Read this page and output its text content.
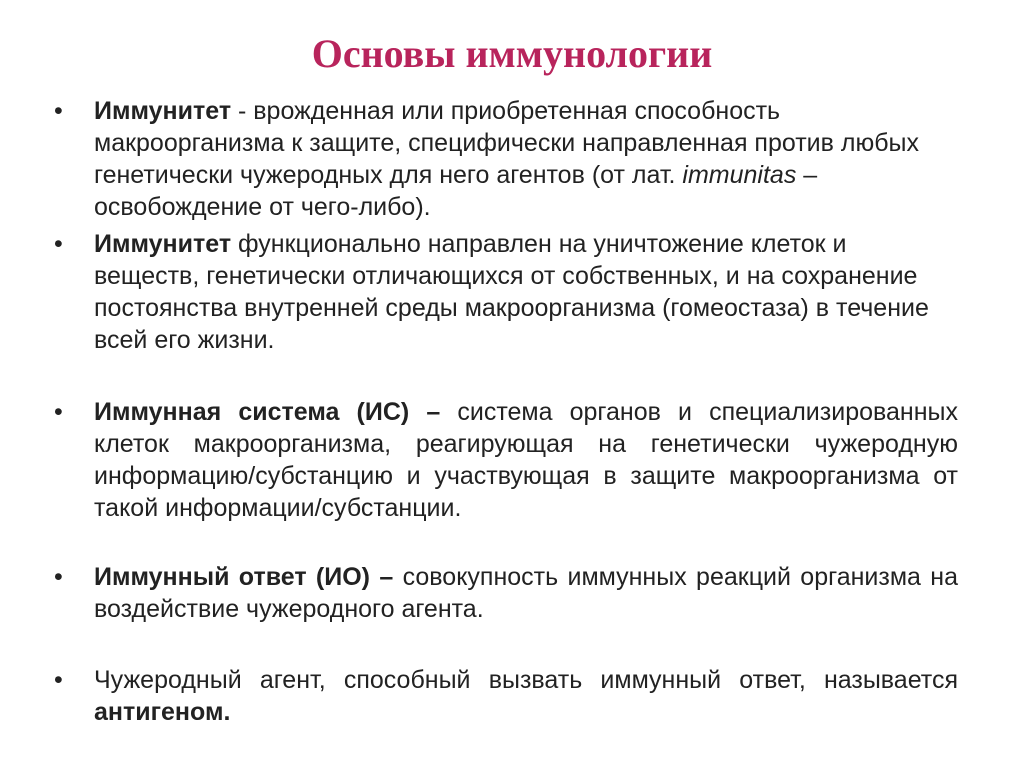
Основы иммунологии
•	Иммунитет - врожденная или приобретенная способность макроорганизма к защите, специфически направленная против любых генетически чужеродных для него агентов (от лат. immunitas – освобождение от чего-либо).
•	Иммунитет функционально направлен на уничтожение клеток и веществ, генетически отличающихся от собственных, и на сохранение постоянства внутренней среды макроорганизма (гомеостаза) в течение всей его жизни.
•	Иммунная система (ИС) – система органов и специализированных клеток макроорганизма, реагирующая на генетически чужеродную информацию/субстанцию и участвующая в защите макроорганизма от такой информации/субстанции.
•	Иммунный ответ (ИО) – совокупность иммунных реакций организма на воздействие чужеродного агента.
•	Чужеродный агент, способный вызвать иммунный ответ, называется антигеном.
